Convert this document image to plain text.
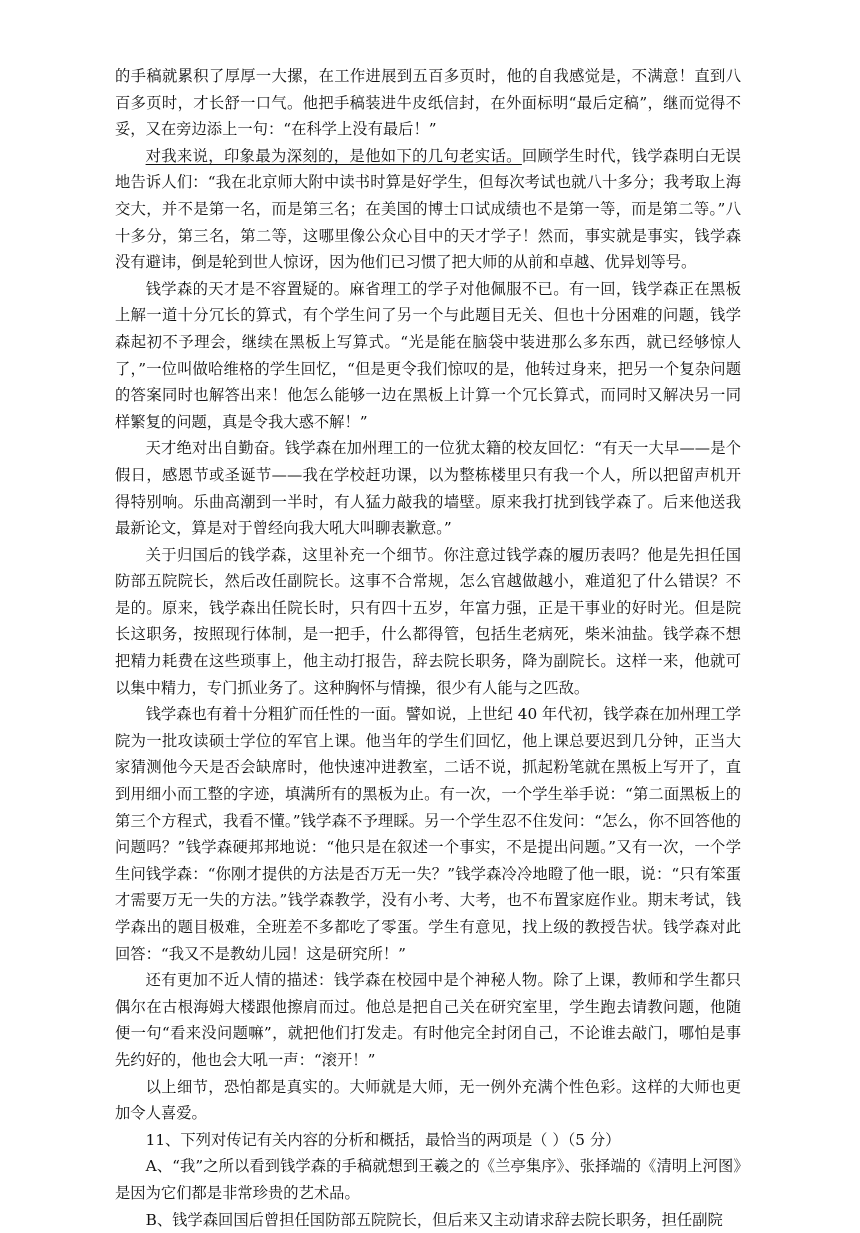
的手稿就累积了厚厚一大摞，在工作进展到五百多页时，他的自我感觉是，不满意！直到八百多页时，才长舒一口气。他把手稿装进牛皮纸信封，在外面标明“最后定稿”，继而觉得不妥，又在旁边添上一句：“在科学上没有最后！”

对我来说，印象最为深刻的，是他如下的几句老实话。回顾学生时代，钱学森明白无误地告诉人们：“我在北京师大附中读书时算是好学生，但每次考试也就八十多分；我考取上海交大，并不是第一名，而是第三名；在美国的博士口试成绩也不是第一等，而是第二等。”八十多分，第三名，第二等，这哪里像公众心目中的天才学子！然而，事实就是事实，钱学森没有避讳，倒是轮到世人惊讶，因为他们已习惯了把大师的从前和卓越、优异划等号。

钱学森的天才是不容置疑的。麻省理工的学子对他佩服不已。有一回，钱学森正在黑板上解一道十分冗长的算式，有个学生问了另一个与此题目无关、但也十分困难的问题，钱学森起初不予理会，继续在黑板上写算式。“光是能在脑袋中装进那么多东西，就已经够惊人了，”一位叫做哈维格的学生回忆，“但是更令我们惊叹的是，他转过身来，把另一个复杂问题的答案同时也解答出来！他怎么能够一边在黑板上计算一个冗长算式，而同时又解决另一同样繁复的问题，真是令我大惑不解！”

天才绝对出自勤奋。钱学森在加州理工的一位犹太籍的校友回忆：“有天一大早——是个假日，感恩节或圣诞节——我在学校赶功课，以为整栋楼里只有我一个人，所以把留声机开得特别响。乐曲高潮到一半时，有人猛力敲我的墙壁。原来我打扰到钱学森了。后来他送我最新论文，算是对于曾经向我大吼大叫聊表歉意。”

关于归国后的钱学森，这里补充一个细节。你注意过钱学森的履历表吗？他是先担任国防部五院院长，然后改任副院长。这事不合常规，怎么官越做越小，难道犯了什么错误？不是的。原来，钱学森出任院长时，只有四十五岁，年富力强，正是干事业的好时光。但是院长这职务，按照现行体制，是一把手，什么都得管，包括生老病死，柴米油盐。钱学森不想把精力耗费在这些琐事上，他主动打报告，辞去院长职务，降为副院长。这样一来，他就可以集中精力，专门抓业务了。这种胸怀与情操，很少有人能与之匹敌。

钱学森也有着十分粗犷而任性的一面。譬如说，上世纪 40 年代初，钱学森在加州理工学院为一批攻读硕士学位的军官上课。他当年的学生们回忆，他上课总要迟到几分钟，正当大家猜测他今天是否会缺席时，他快速冲进教室，二话不说，抓起粉笔就在黑板上写开了，直到用细小而工整的字迹，填满所有的黑板为止。有一次，一个学生举手说：“第二面黑板上的第三个方程式，我看不懂。”钱学森不予理睬。另一个学生忍不住发问：“怎么，你不回答他的问题吗？”钱学森硬邦邦地说：“他只是在叙述一个事实，不是提出问题。”又有一次，一个学生问钱学森：“你刚才提供的方法是否万无一失？”钱学森冷冷地瞪了他一眼，说：“只有笨蛋才需要万无一失的方法。”钱学森教学，没有小考、大考，也不布置家庭作业。期末考试，钱学森出的题目极难，全班差不多都吃了零蛋。学生有意见，找上级的教授告状。钱学森对此回答：“我又不是教幼儿园！这是研究所！”

还有更加不近人情的描述：钱学森在校园中是个神秘人物。除了上课，教师和学生都只偶尔在古根海姆大楼跟他擦肩而过。他总是把自己关在研究室里，学生跑去请教问题，他随便一句“看来没问题嘛”，就把他们打发走。有时他完全封闭自己，不论谁去敲门，哪怕是事先约好的，他也会大吼一声：“滚开！”

以上细节，恐怕都是真实的。大师就是大师，无一例外充满个性色彩。这样的大师也更加令人喜爱。

11、下列对传记有关内容的分析和概括，最恰当的两项是（ ）（5 分）

A、“我”之所以看到钱学森的手稿就想到王羲之的《兰亭集序》、张择端的《清明上河图》是因为它们都是非常珍贵的艺术品。

B、钱学森回国后曾担任国防部五院院长，但后来又主动请求辞去院长职务，担任副院
